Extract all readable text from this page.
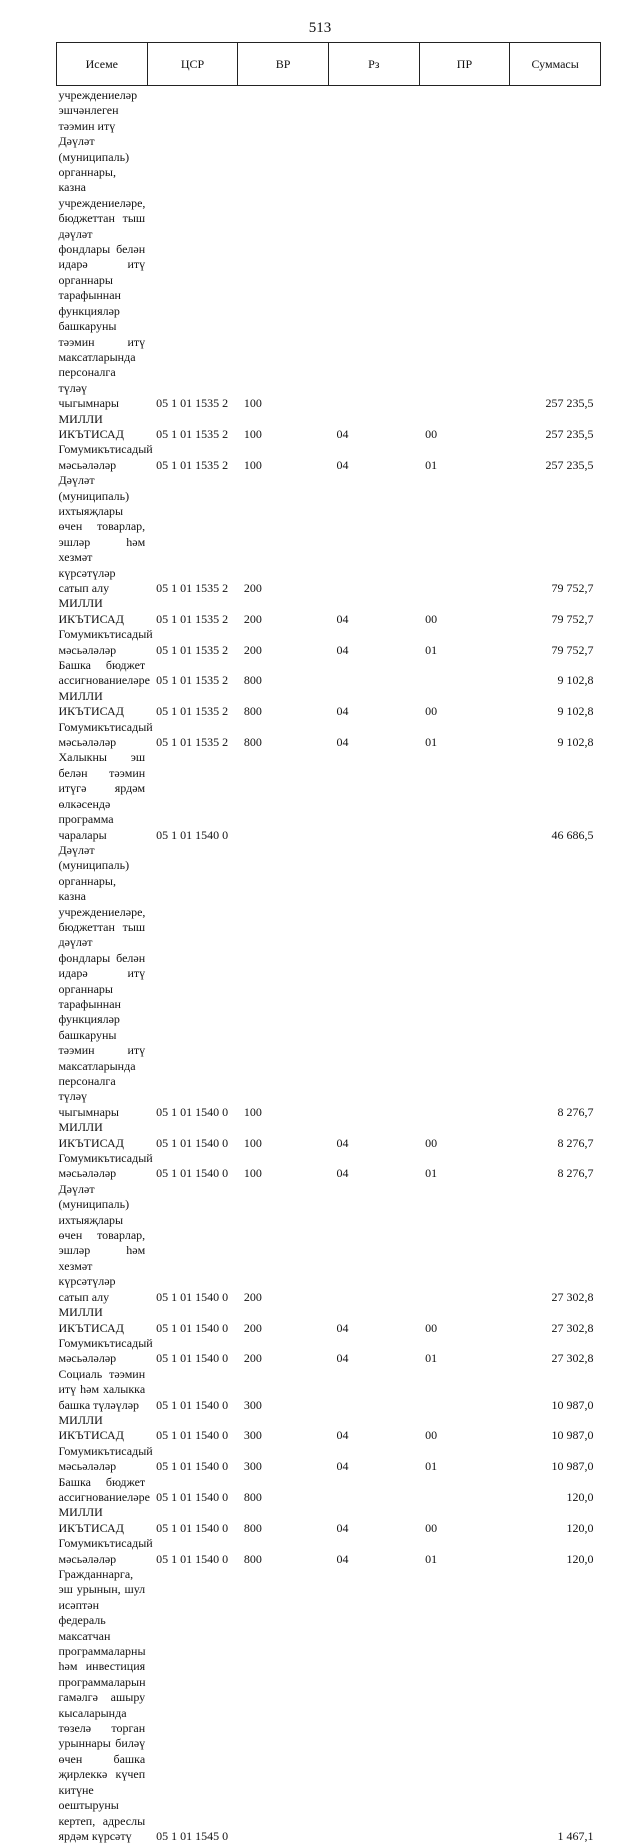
513
Исеме	ЦСР	ВР	Рз	ПР	Суммасы
учреждениеләр эшчәнлеген тәэмин итү					
Дәүләт (муниципаль) органнары, казна учреждениеләре, бюджеттан тыш дәүләт фондлары белән идарә итү органнары тарафыннан функцияләр башкаруны тәэмин итү максатларында персоналга түләү чыгымнары	05 1 01 1535 2	100			257 235,5
МИЛЛИ ИКЪТИСАД	05 1 01 1535 2	100	04	00	257 235,5
Гомумикътисадый мәсьәләләр	05 1 01 1535 2	100	04	01	257 235,5
Дәүләт (муниципаль) ихтыяҗлары өчен товарлар, эшләр һәм хезмәт күрсәтүләр сатып алу	05 1 01 1535 2	200			79 752,7
МИЛЛИ ИКЪТИСАД	05 1 01 1535 2	200	04	00	79 752,7
Гомумикътисадый мәсьәләләр	05 1 01 1535 2	200	04	01	79 752,7
Башка бюджет ассигнованиеләре	05 1 01 1535 2	800			9 102,8
МИЛЛИ ИКЪТИСАД	05 1 01 1535 2	800	04	00	9 102,8
Гомумикътисадый мәсьәләләр	05 1 01 1535 2	800	04	01	9 102,8
Халыкны эш белән тәэмин итүгә ярдәм өлкәсендә программа чаралары	05 1 01 1540 0				46 686,5
Дәүләт (муниципаль) органнары, казна учреждениеләре, бюджеттан тыш дәүләт фондлары белән идарә итү органнары тарафыннан функцияләр башкаруны тәэмин итү максатларында персоналга түләү чыгымнары	05 1 01 1540 0	100			8 276,7
МИЛЛИ ИКЪТИСАД	05 1 01 1540 0	100	04	00	8 276,7
Гомумикътисадый мәсьәләләр	05 1 01 1540 0	100	04	01	8 276,7
Дәүләт (муниципаль) ихтыяҗлары өчен товарлар, эшләр һәм хезмәт күрсәтүләр сатып алу	05 1 01 1540 0	200			27 302,8
МИЛЛИ ИКЪТИСАД	05 1 01 1540 0	200	04	00	27 302,8
Гомумикътисадый мәсьәләләр	05 1 01 1540 0	200	04	01	27 302,8
Социаль тәэмин итү һәм халыкка башка түләүләр	05 1 01 1540 0	300			10 987,0
МИЛЛИ ИКЪТИСАД	05 1 01 1540 0	300	04	00	10 987,0
Гомумикътисадый мәсьәләләр	05 1 01 1540 0	300	04	01	10 987,0
Башка бюджет ассигнованиеләре	05 1 01 1540 0	800			120,0
МИЛЛИ ИКЪТИСАД	05 1 01 1540 0	800	04	00	120,0
Гомумикътисадый мәсьәләләр	05 1 01 1540 0	800	04	01	120,0
Гражданнарга, эш урынын, шул исәптән федераль максатчан программаларны һәм инвестиция программаларын гамәлгә ашыру кысаларында төзелә торган урыннары биләү өчен башка җирлеккә күчеп китүне оештыруны кертеп, адреслы ярдәм күрсәтү	05 1 01 1545 0				1 467,1
